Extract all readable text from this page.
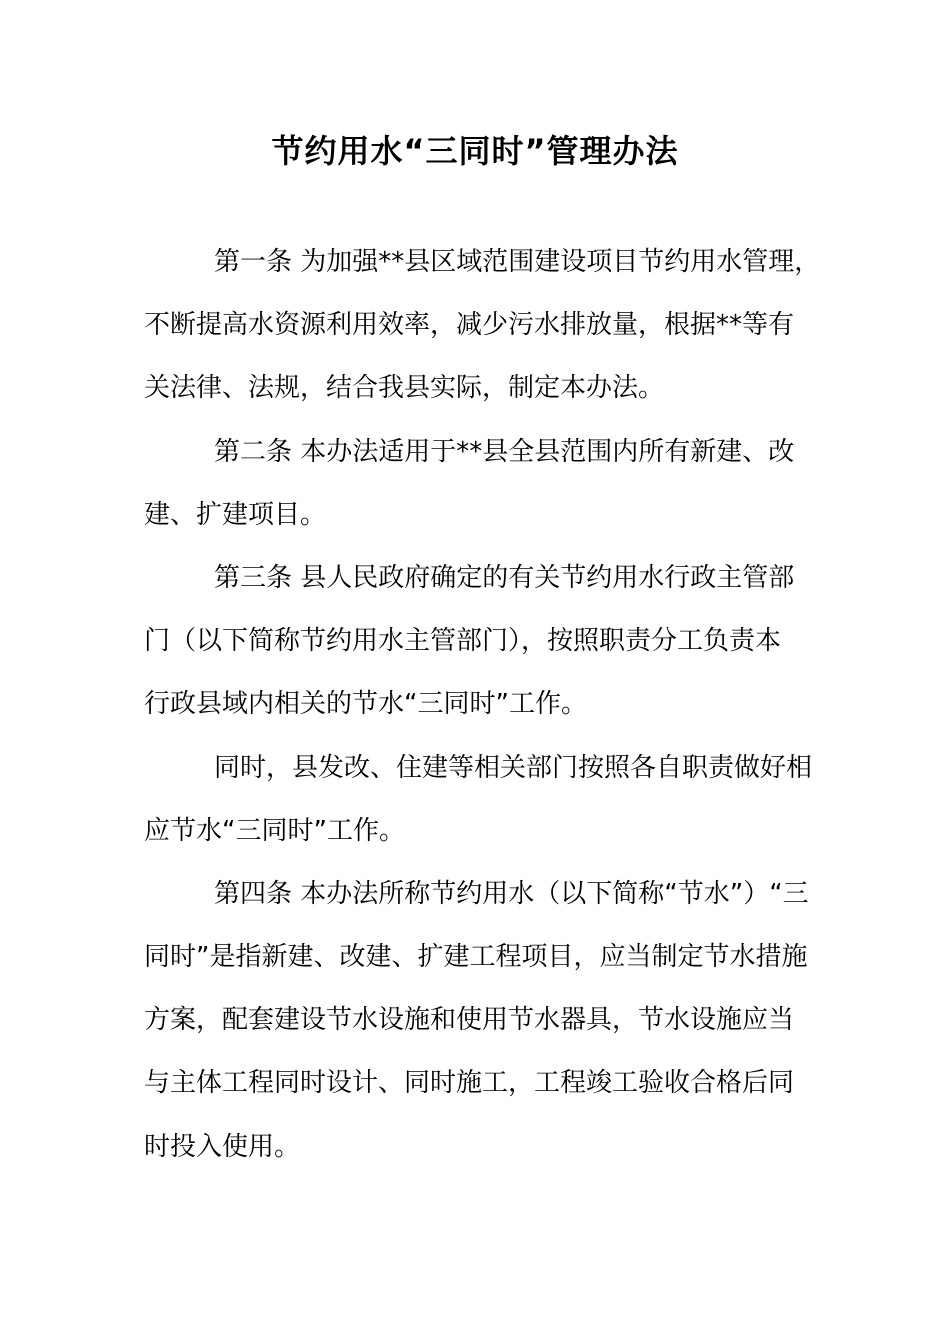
节约用水“三同时”管理办法
第一条 为加强**县区域范围建设项目节约用水管理，
不断提高水资源利用效率，减少污水排放量，根据**等有
关法律、法规，结合我县实际，制定本办法。
第二条 本办法适用于**县全县范围内所有新建、改
建、扩建项目。
第三条 县人民政府确定的有关节约用水行政主管部
门（以下简称节约用水主管部门），按照职责分工负责本
行政县域内相关的节水“三同时”工作。
同时，县发改、住建等相关部门按照各自职责做好相
应节水“三同时”工作。
第四条 本办法所称节约用水（以下简称“节水”）“三
同时”是指新建、改建、扩建工程项目，应当制定节水措施
方案，配套建设节水设施和使用节水器具，节水设施应当
与主体工程同时设计、同时施工，工程竣工验收合格后同
时投入使用。
